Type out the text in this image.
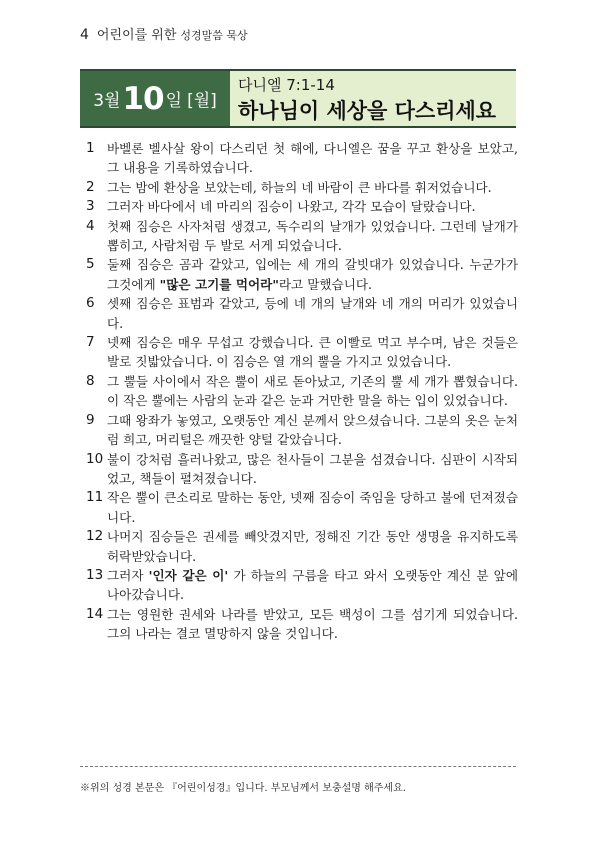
4 어린이를 위한 성경말씀 묵상
3월 10 일 [월]
다니엘 7:1-14
하나님이 세상을 다스리세요
1 바벨론 벨사살 왕이 다스리던 첫 해에, 다니엘은 꿈을 꾸고 환상을 보았고, 그 내용을 기록하였습니다.
2 그는 밤에 환상을 보았는데, 하늘의 네 바람이 큰 바다를 휘저었습니다.
3 그러자 바다에서 네 마리의 짐승이 나왔고, 각각 모습이 달랐습니다.
4 첫째 짐승은 사자처럼 생겼고, 독수리의 날개가 있었습니다. 그런데 날개가 뽑히고, 사람처럼 두 발로 서게 되었습니다.
5 둘째 짐승은 곰과 같았고, 입에는 세 개의 갈빗대가 있었습니다. 누군가가 그것에게 "많은 고기를 먹어라"라고 말했습니다.
6 셋째 짐승은 표범과 같았고, 등에 네 개의 날개와 네 개의 머리가 있었습니다.
7 넷째 짐승은 매우 무섭고 강했습니다. 큰 이빨로 먹고 부수며, 남은 것들은 발로 짓밟았습니다. 이 짐승은 열 개의 뿔을 가지고 있었습니다.
8 그 뿔들 사이에서 작은 뿔이 새로 돋아났고, 기존의 뿔 세 개가 뽑혔습니다. 이 작은 뿔에는 사람의 눈과 같은 눈과 거만한 말을 하는 입이 있었습니다.
9 그때 왕좌가 놓였고, 오랫동안 계신 분께서 앉으셨습니다. 그분의 옷은 눈처럼 희고, 머리털은 깨끗한 양털 같았습니다.
10 불이 강처럼 흘러나왔고, 많은 천사들이 그분을 섬겼습니다. 심판이 시작되었고, 책들이 펼쳐졌습니다.
11 작은 뿔이 큰소리로 말하는 동안, 넷째 짐승이 죽임을 당하고 불에 던져졌습니다.
12 나머지 짐승들은 권세를 빼앗겼지만, 정해진 기간 동안 생명을 유지하도록 허락받았습니다.
13 그러자 '인자 같은 이' 가 하늘의 구름을 타고 와서 오랫동안 계신 분 앞에 나아갔습니다.
14 그는 영원한 권세와 나라를 받았고, 모든 백성이 그를 섬기게 되었습니다. 그의 나라는 결코 멸망하지 않을 것입니다.
※위의 성경 본문은 『어린이성경』입니다. 부모님께서 보충설명 해주세요.
